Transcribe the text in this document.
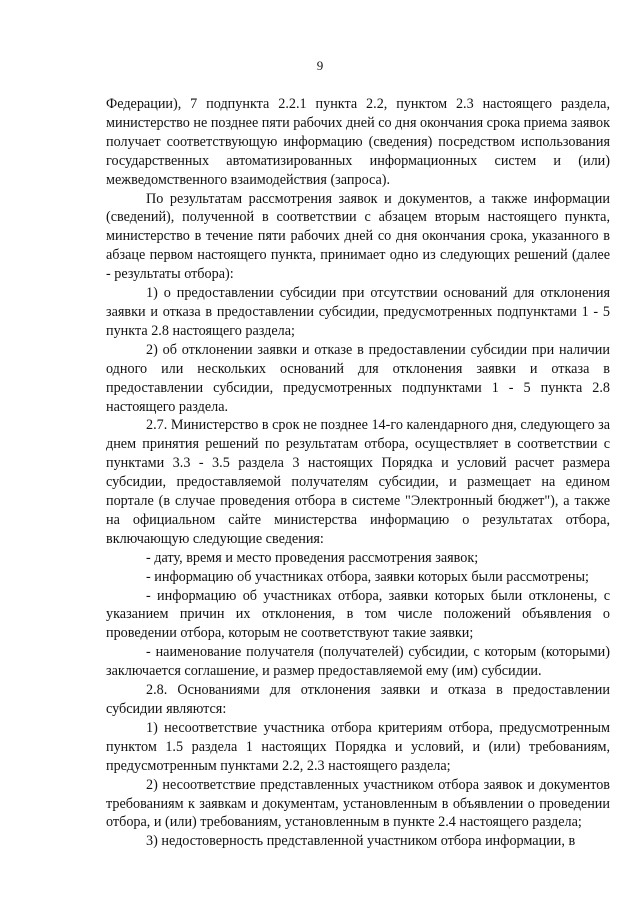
9

Федерации), 7 подпункта 2.2.1 пункта 2.2, пунктом 2.3 настоящего раздела, министерство не позднее пяти рабочих дней со дня окончания срока приема заявок получает соответствующую информацию (сведения) посредством использования государственных автоматизированных информационных систем и (или) межведомственного взаимодействия (запроса).

По результатам рассмотрения заявок и документов, а также информации (сведений), полученной в соответствии с абзацем вторым настоящего пункта, министерство в течение пяти рабочих дней со дня окончания срока, указанного в абзаце первом настоящего пункта, принимает одно из следующих решений (далее - результаты отбора):

1) о предоставлении субсидии при отсутствии оснований для отклонения заявки и отказа в предоставлении субсидии, предусмотренных подпунктами 1 - 5 пункта 2.8 настоящего раздела;

2) об отклонении заявки и отказе в предоставлении субсидии при наличии одного или нескольких оснований для отклонения заявки и отказа в предоставлении субсидии, предусмотренных подпунктами 1 - 5 пункта 2.8 настоящего раздела.

2.7. Министерство в срок не позднее 14-го календарного дня, следующего за днем принятия решений по результатам отбора, осуществляет в соответствии с пунктами 3.3 - 3.5 раздела 3 настоящих Порядка и условий расчет размера субсидии, предоставляемой получателям субсидии, и размещает на едином портале (в случае проведения отбора в системе "Электронный бюджет"), а также на официальном сайте министерства информацию о результатах отбора, включающую следующие сведения:

- дату, время и место проведения рассмотрения заявок;

- информацию об участниках отбора, заявки которых были рассмотрены;

- информацию об участниках отбора, заявки которых были отклонены, с указанием причин их отклонения, в том числе положений объявления о проведении отбора, которым не соответствуют такие заявки;

- наименование получателя (получателей) субсидии, с которым (которыми) заключается соглашение, и размер предоставляемой ему (им) субсидии.

2.8. Основаниями для отклонения заявки и отказа в предоставлении субсидии являются:

1) несоответствие участника отбора критериям отбора, предусмотренным пунктом 1.5 раздела 1 настоящих Порядка и условий, и (или) требованиям, предусмотренным пунктами 2.2, 2.3 настоящего раздела;

2) несоответствие представленных участником отбора заявок и документов требованиям к заявкам и документам, установленным в объявлении о проведении отбора, и (или) требованиям, установленным в пункте 2.4 настоящего раздела;

3) недостоверность представленной участником отбора информации, в
